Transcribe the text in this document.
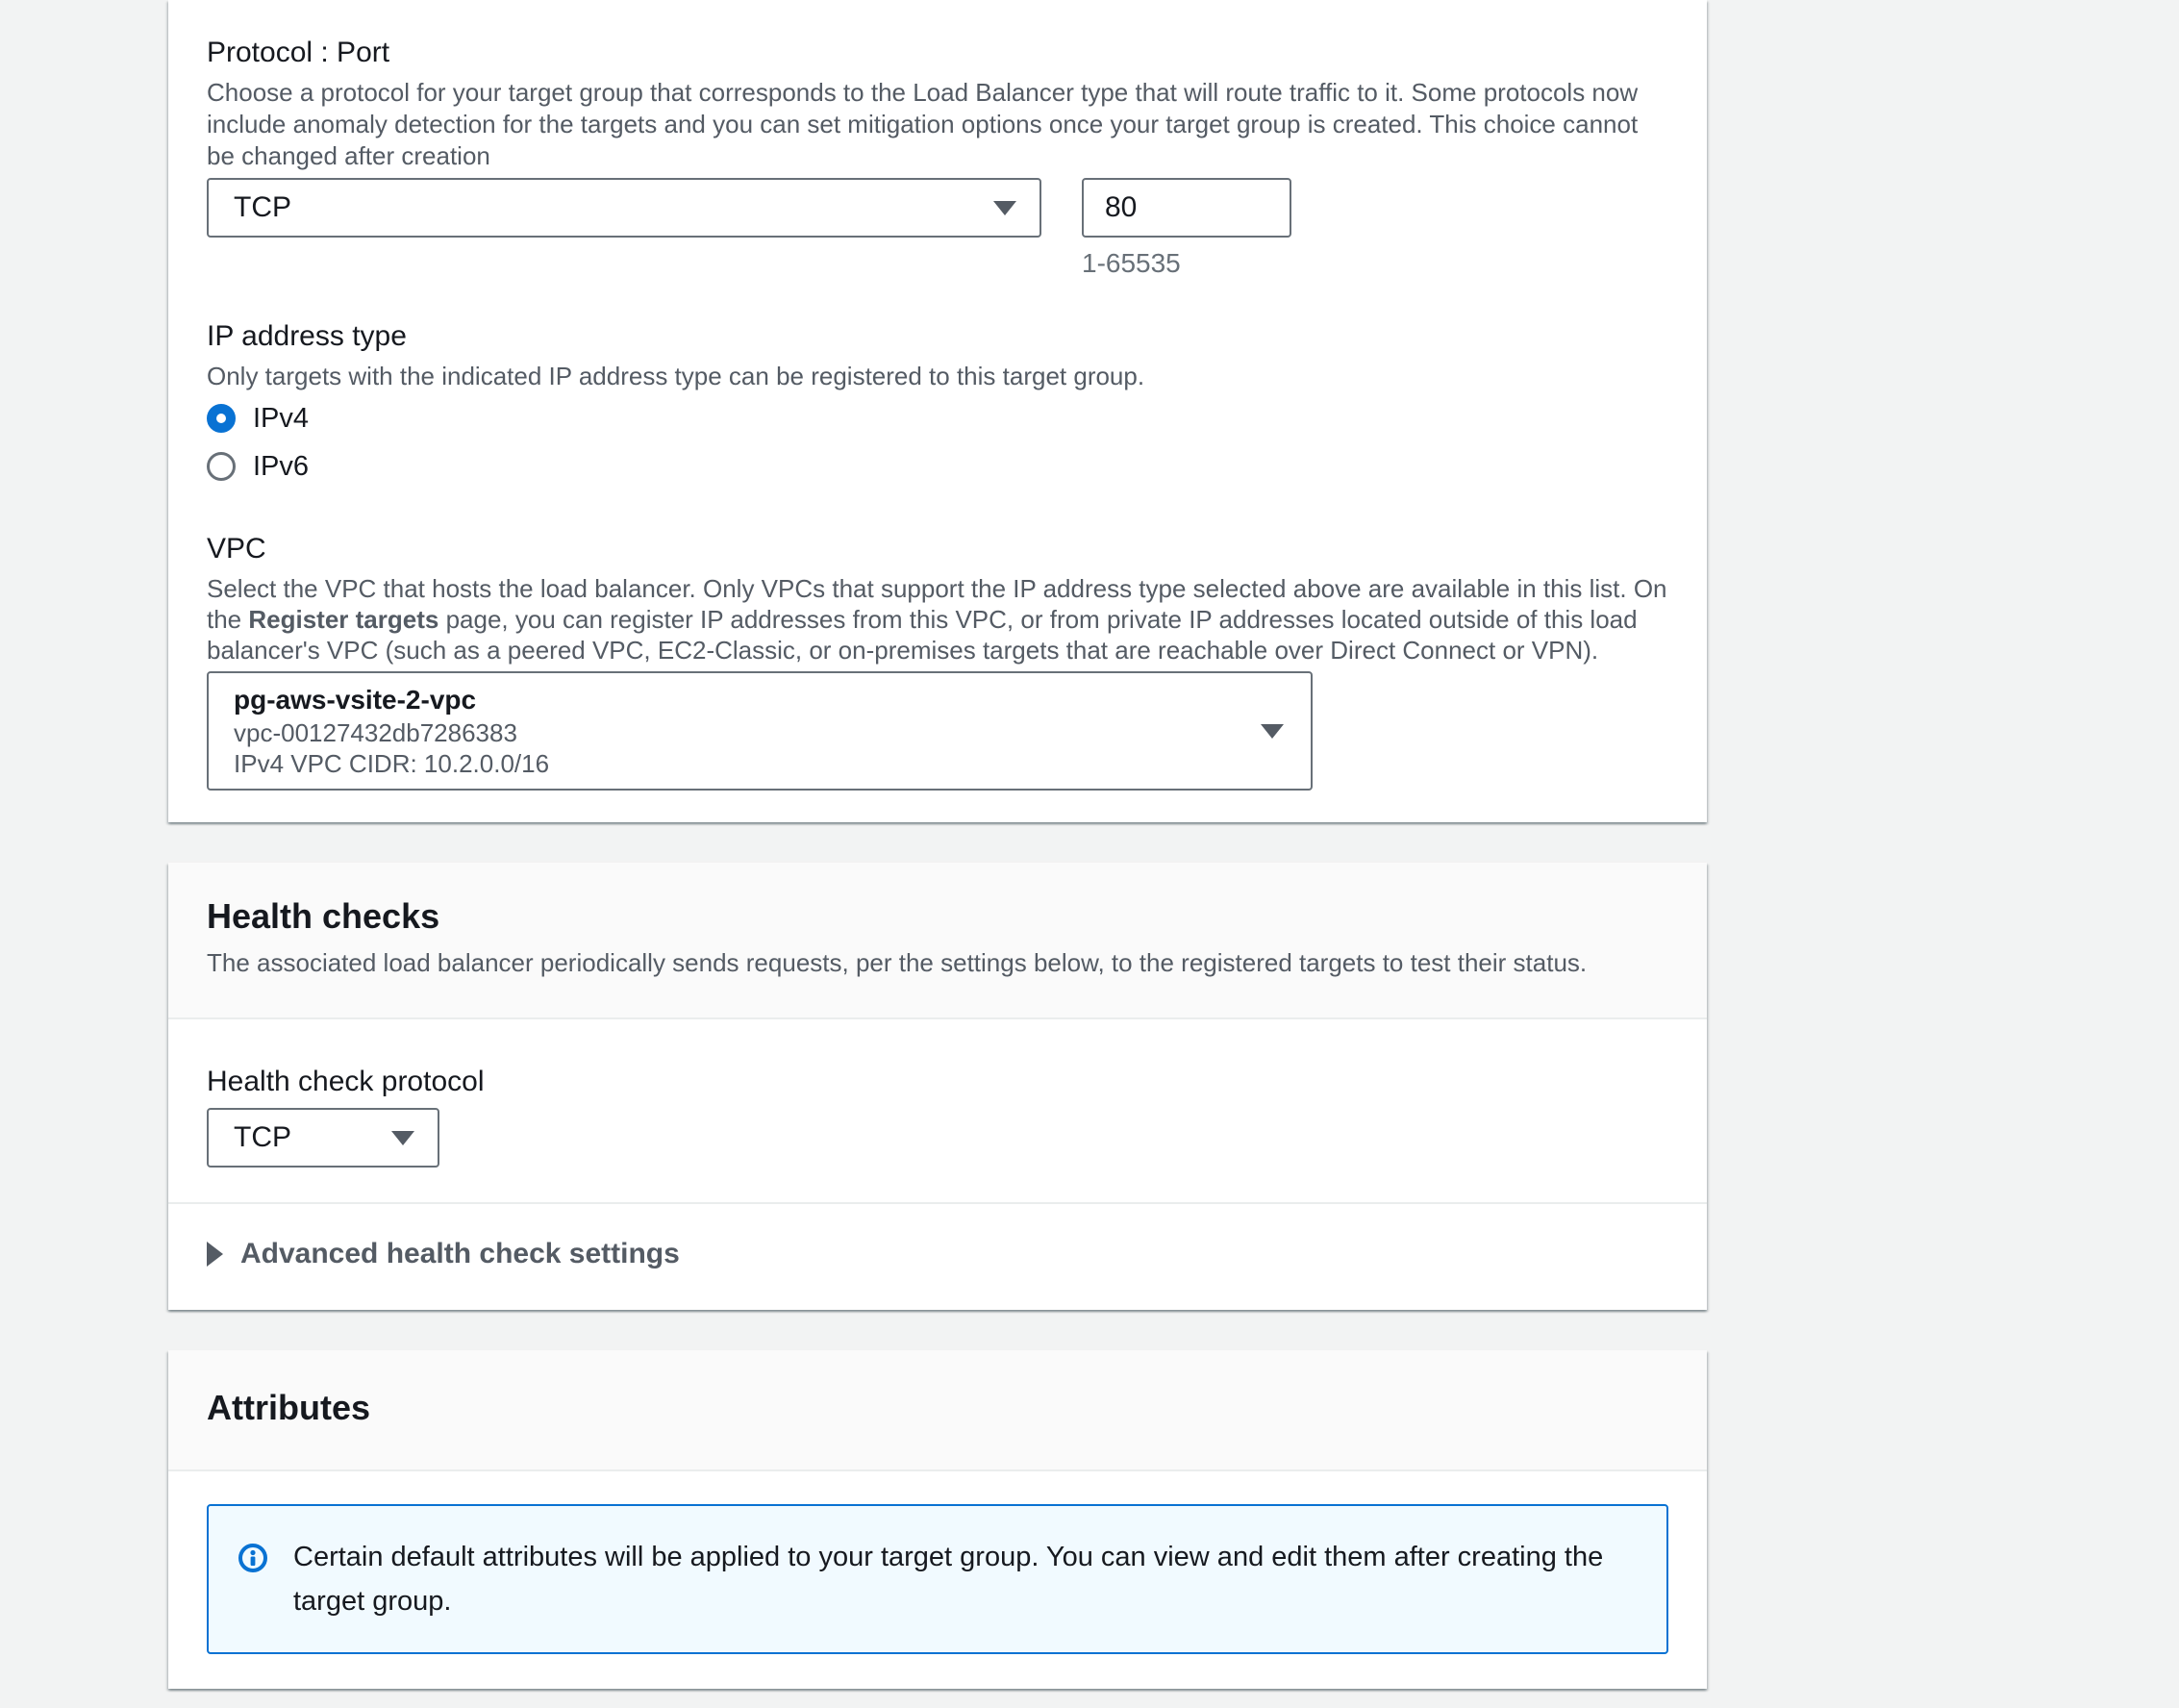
Protocol : Port

Choose a protocol for your target group that corresponds to the Load Balancer type that will route traffic to it. Some protocols now include anomaly detection for the targets and you can set mitigation options once your target group is created. This choice cannot be changed after creation

TCP
80
1-65535
IP address type

Only targets with the indicated IP address type can be registered to this target group.

IPv4
IPv6
VPC

Select the VPC that hosts the load balancer. Only VPCs that support the IP address type selected above are available in this list. On the Register targets page, you can register IP addresses from this VPC, or from private IP addresses located outside of this load balancer's VPC (such as a peered VPC, EC2-Classic, or on-premises targets that are reachable over Direct Connect or VPN).

pg-aws-vsite-2-vpc
vpc-00127432db7286383
IPv4 VPC CIDR: 10.2.0.0/16
Health checks

The associated load balancer periodically sends requests, per the settings below, to the registered targets to test their status.

Health check protocol
TCP
Advanced health check settings
Attributes

Certain default attributes will be applied to your target group. You can view and edit them after creating the target group.
